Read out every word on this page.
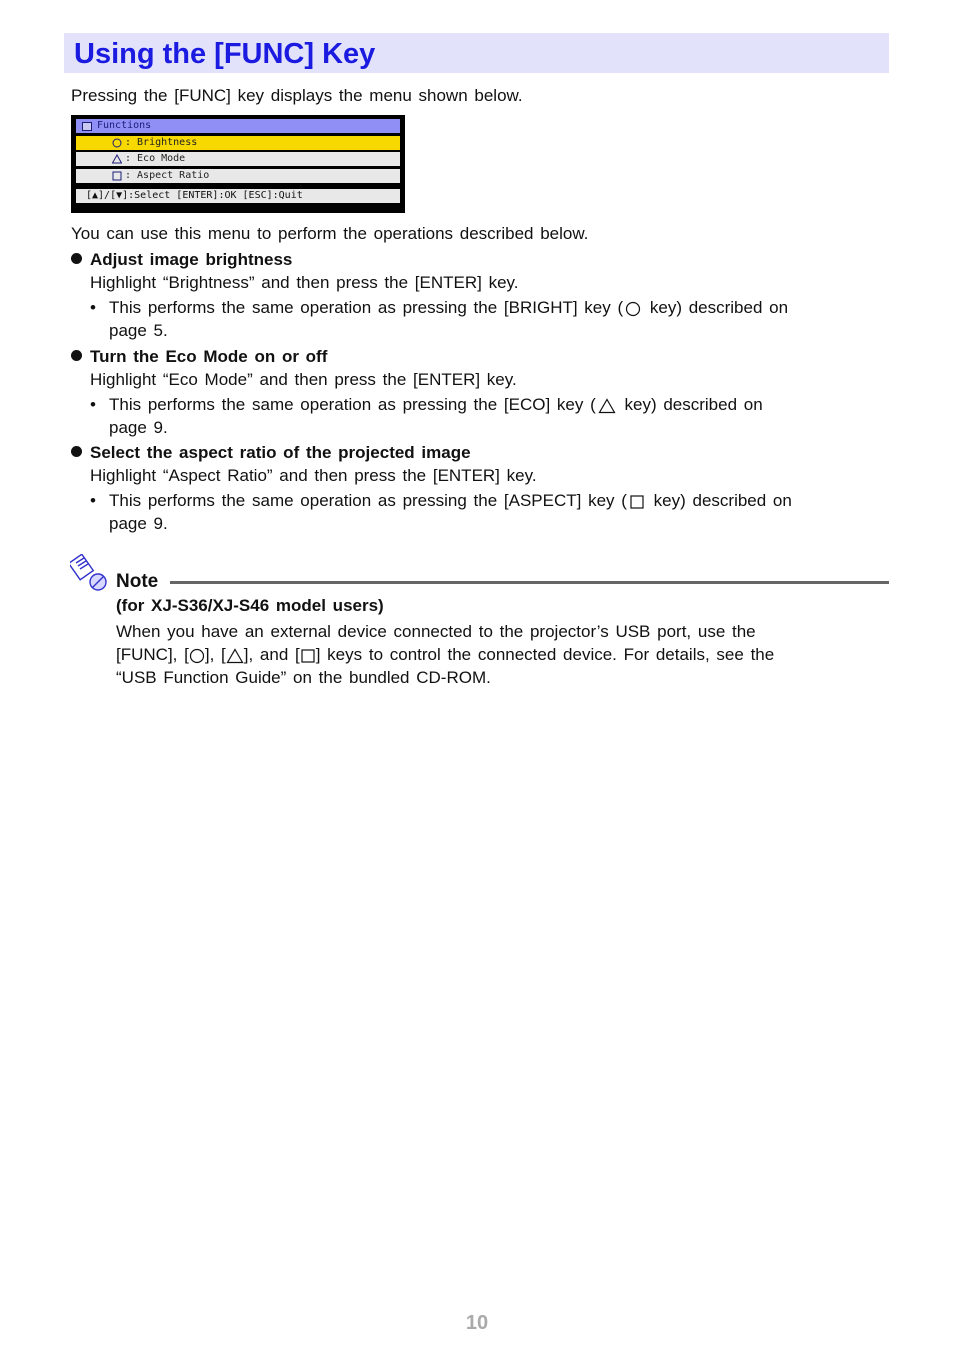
Using the [FUNC] Key
Pressing the [FUNC] key displays the menu shown below.
Functions
: Brightness
: Eco Mode
: Aspect Ratio
[▲]/[▼]:Select [ENTER]:OK [ESC]:Quit
You can use this menu to perform the operations described below.
Adjust image brightness
Highlight “Brightness” and then press the [ENTER] key.
• This performs the same operation as pressing the [BRIGHT] key ( key) described on
page 5.
Turn the Eco Mode on or off
Highlight “Eco Mode” and then press the [ENTER] key.
• This performs the same operation as pressing the [ECO] key ( key) described on
page 9.
Select the aspect ratio of the projected image
Highlight “Aspect Ratio” and then press the [ENTER] key.
• This performs the same operation as pressing the [ASPECT] key ( key) described on
page 9.
Note
(for XJ-S36/XJ-S46 model users)
When you have an external device connected to the projector’s USB port, use the
[FUNC], [ ], [ ], and [ ] keys to control the connected device. For details, see the
“USB Function Guide” on the bundled CD-ROM.
10
